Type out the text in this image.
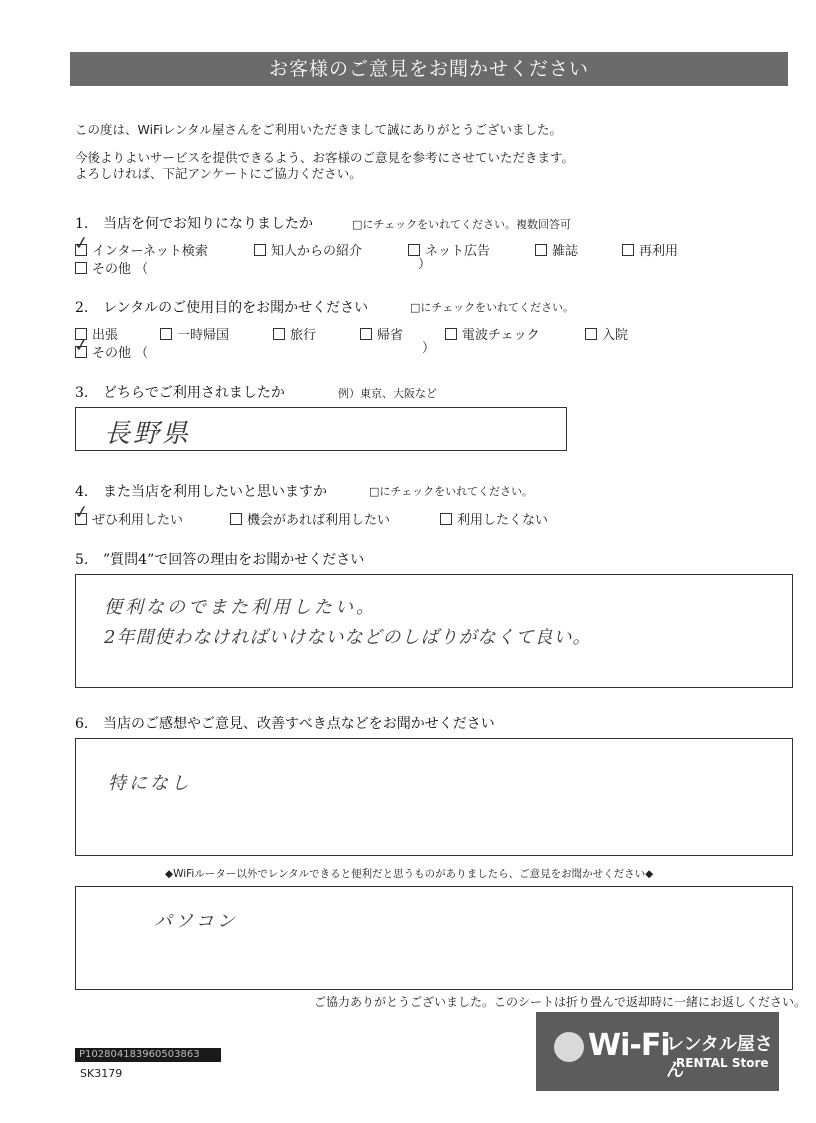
お客様のご意見をお聞かせください
この度は、WiFiレンタル屋さんをご利用いただきまして誠にありがとうございました。
今後よりよいサービスを提供できるよう、お客様のご意見を参考にさせていただきます。
よろしければ、下記アンケートにご協力ください。
1. 当店を何でお知りになりましたか	□にチェックをいれてください。複数回答可
✓ インターネット検索	知人からの紹介	ネット広告	雑誌	再利用
その他 （	）
2. レンタルのご使用目的をお聞かせください	□にチェックをいれてください。
出張	一時帰国	旅行	帰省	電波チェック	入院
✓ その他 （	）
3. どちらでご利用されましたか	例）東京、大阪など
長野県
4. また当店を利用したいと思いますか	□にチェックをいれてください。
✓ ぜひ利用したい	機会があれば利用したい	利用したくない
5. ”質問4”で回答の理由をお聞かせください
便利なのでまた利用したい。
2年間使わなければいけないなどのしばりがなくて良い。
6. 当店のご感想やご意見、改善すべき点などをお聞かせください
特になし
◆WiFiルーター以外でレンタルできると便利だと思うものがありましたら、ご意見をお聞かせください◆
パソコン
ご協力ありがとうございました。このシートは折り畳んで返却時に一緒にお返しください。
P102804183960503863
SK3179
Wi-Fi
レンタル屋さん
RENTAL Store
